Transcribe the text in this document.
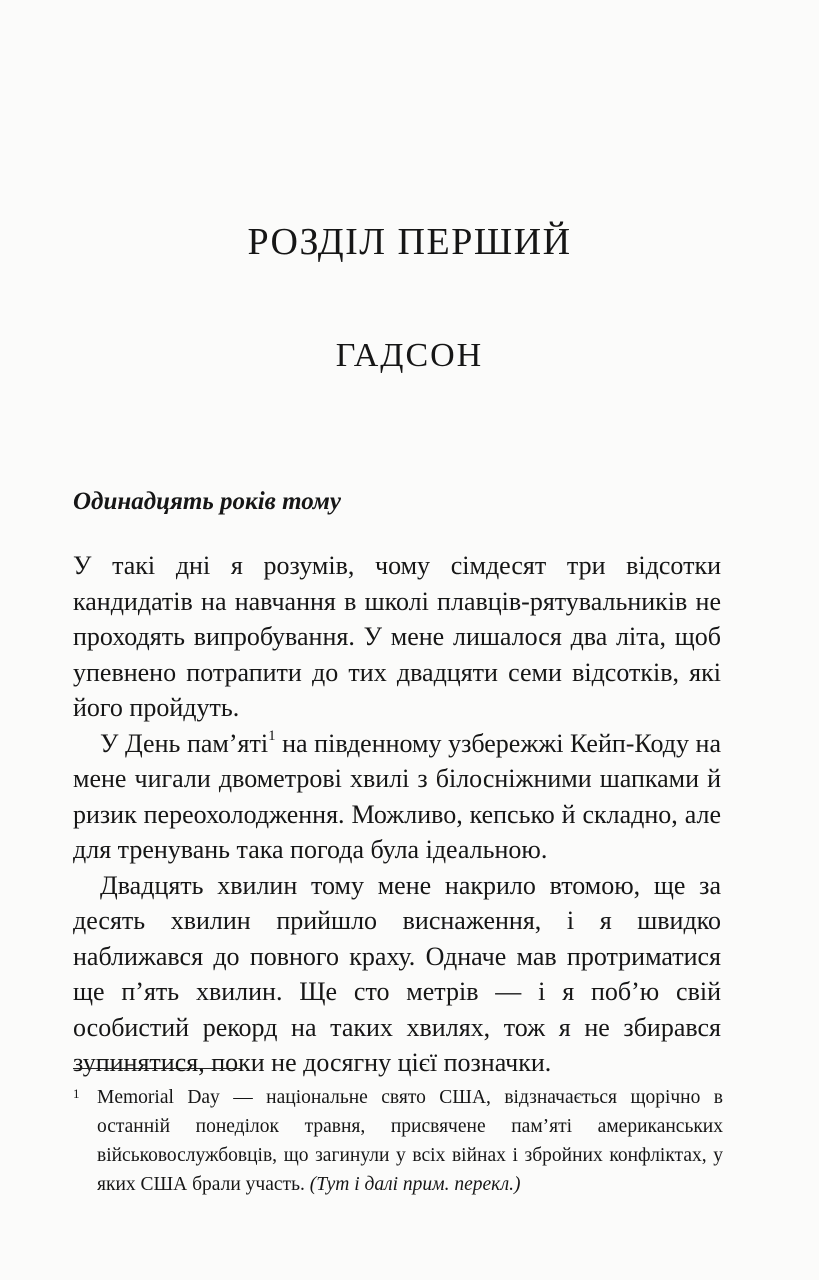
РОЗДІЛ ПЕРШИЙ
ГАДСОН

Одинадцять років тому

У такі дні я розумів, чому сімдесят три відсотки кандидатів на навчання в школі плавців-рятувальників не проходять випробування. У мене лишалося два літа, щоб упевнено потрапити до тих двадцяти семи відсотків, які його пройдуть.

У День пам’яті$^1$ на південному узбережжі Кейп-Коду на мене чигали двометрові хвилі з білосніжними шапками й ризик переохолодження. Можливо, кепсько й складно, але для тренувань така погода була ідеальною.

Двадцять хвилин тому мене накрило втомою, ще за десять хвилин прийшло виснаження, і я швидко наближався до повного краху. Одначе мав протриматися ще п’ять хвилин. Ще сто метрів — і я поб’ю свій особистий рекорд на таких хвилях, тож я не збирався зупинятися, поки не досягну цієї позначки.

1 Memorial Day — національне свято США, відзначається щорічно в останній понеділок травня, присвячене пам’яті американських військовослужбовців, що загинули у всіх війнах і збройних конфліктах, у яких США брали участь. (Тут і далі прим. перекл.)
